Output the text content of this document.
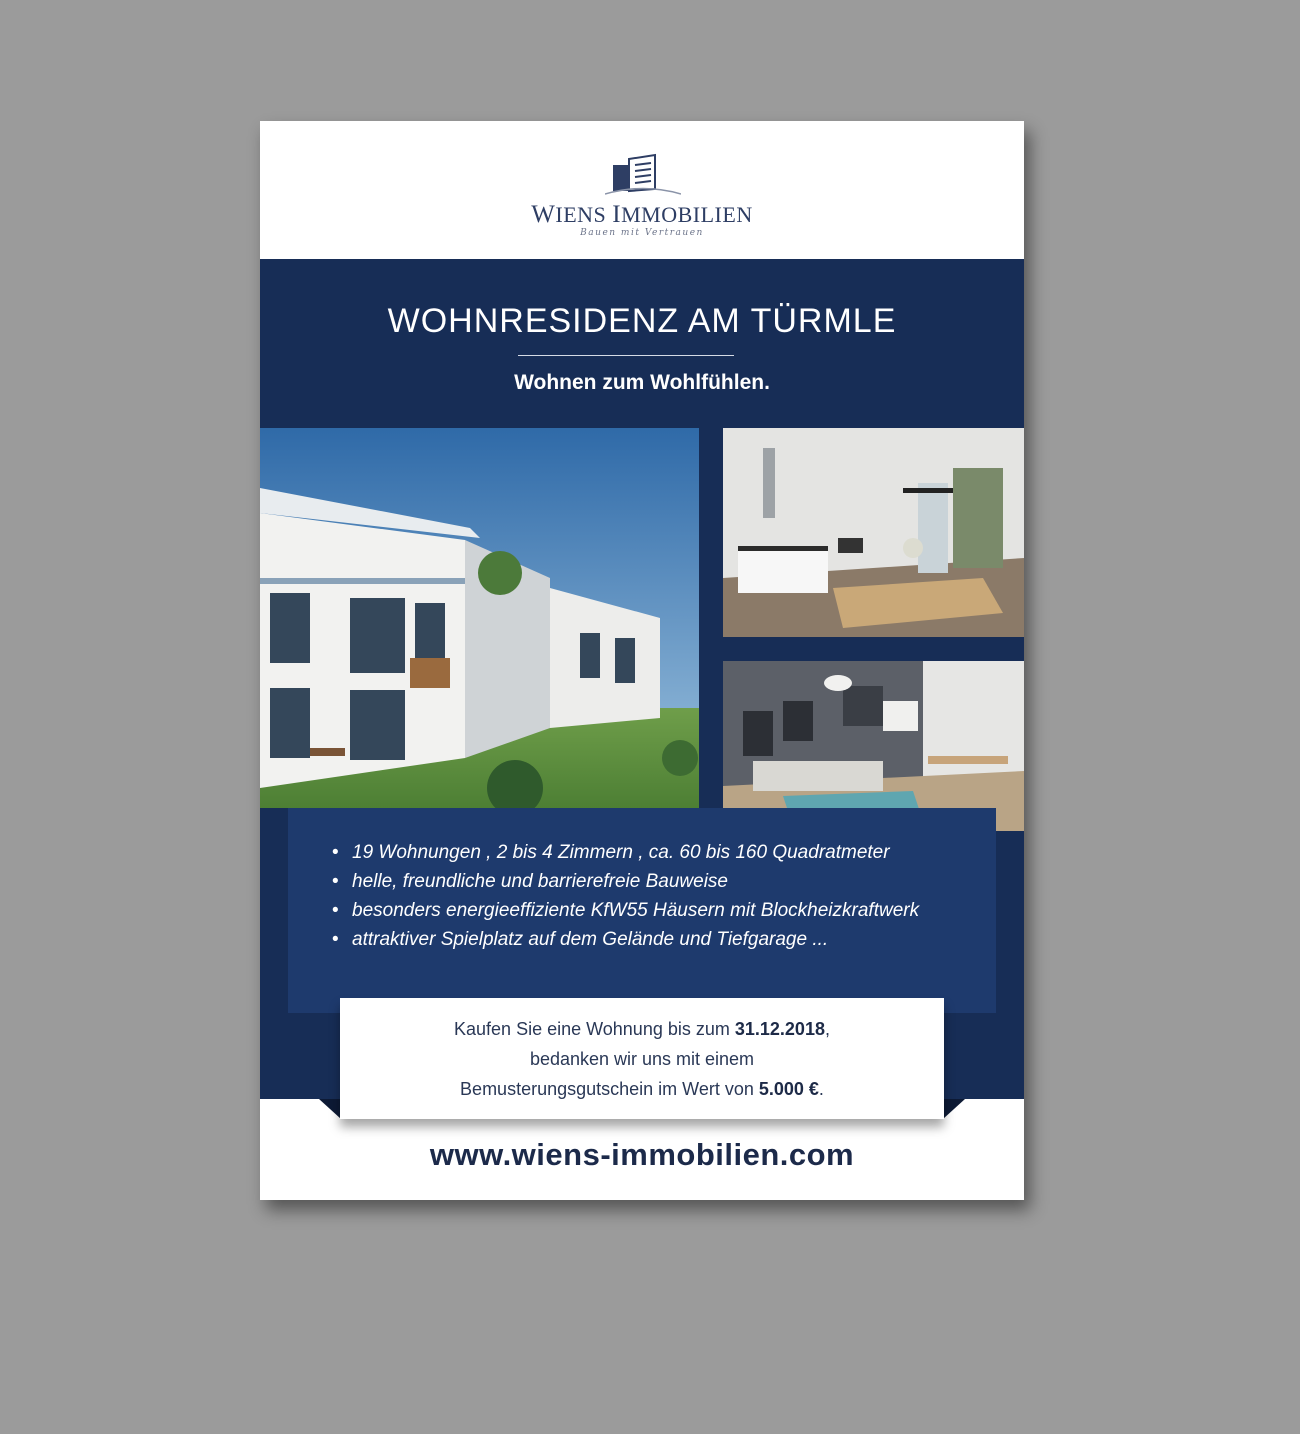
WIENS IMMOBILIEN
Bauen mit Vertrauen
WOHNRESIDENZ AM TÜRMLE
Wohnen zum Wohlfühlen.
• 19 Wohnungen , 2 bis 4 Zimmern , ca. 60 bis 160 Quadratmeter
• helle, freundliche und barrierefreie Bauweise
• besonders energieeffiziente KfW55 Häusern mit Blockheizkraftwerk
• attraktiver Spielplatz auf dem Gelände und Tiefgarage ...
Kaufen Sie eine Wohnung bis zum 31.12.2018,
bedanken wir uns mit einem
Bemusterungsgutschein im Wert von 5.000 €.
www.wiens-immobilien.com
